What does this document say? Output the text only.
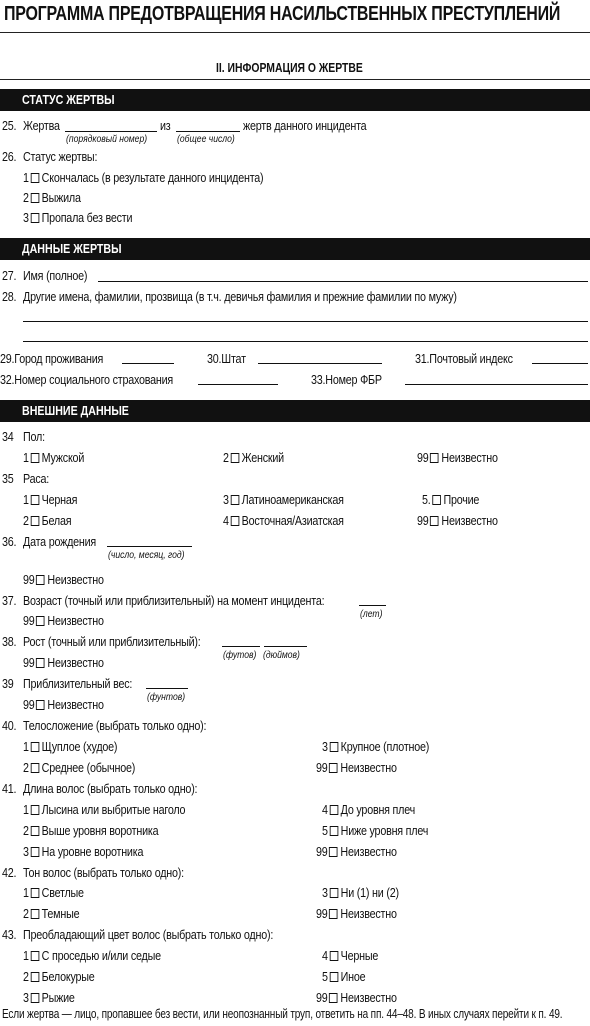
ПРОГРАММА ПРЕДОТВРАЩЕНИЯ НАСИЛЬСТВЕННЫХ ПРЕСТУПЛЕНИЙ
II. ИНФОРМАЦИЯ О ЖЕРТВЕ
СТАТУС ЖЕРТВЫ
25. Жертва	из	жертв данного инцидента
(порядковый номер)	(общее число)
26. Статус жертвы:
1 Скончалась (в результате данного инцидента)
2 Выжила
3 Пропала без вести
ДАННЫЕ ЖЕРТВЫ
27. Имя (полное)
28. Другие имена, фамилии, прозвища (в т.ч. девичья фамилия и прежние фамилии по мужу)
29.Город проживания	30.Штат	31.Почтовый индекс
32.Номер социального страхования	33.Номер ФБР
ВНЕШНИЕ ДАННЫЕ
34 Пол:
1 Мужской	2 Женский	99 Неизвестно
35 Раса:
1 Черная	3 Латиноамериканская	5. Прочие
2 Белая	4 Восточная/Азиатская	99 Неизвестно
36. Дата рождения
(число, месяц, год)
99 Неизвестно
37. Возраст (точный или приблизительный) на момент инцидента:
(лет)
99 Неизвестно
38. Рост (точный или приблизительный):
(футов) (дюймов)
99 Неизвестно
39 Приблизительный вес:
(фунтов)
99 Неизвестно
40. Телосложение (выбрать только одно):
1 Щуплое (худое)	3 Крупное (плотное)
2 Среднее (обычное)	99 Неизвестно
41. Длина волос (выбрать только одно):
1 Лысина или выбритые наголо	4 До уровня плеч
2 Выше уровня воротника	5 Ниже уровня плеч
3 На уровне воротника	99 Неизвестно
42. Тон волос (выбрать только одно):
1 Светлые	3 Ни (1) ни (2)
2 Темные	99 Неизвестно
43. Преобладающий цвет волос (выбрать только одно):
1 С проседью и/или седые	4 Черные
2 Белокурые	5 Иное
3 Рыжие	99 Неизвестно
Если жертва — лицо, пропавшее без вести, или неопознанный труп, ответить на пп. 44–48. В иных случаях перейти к п. 49.
